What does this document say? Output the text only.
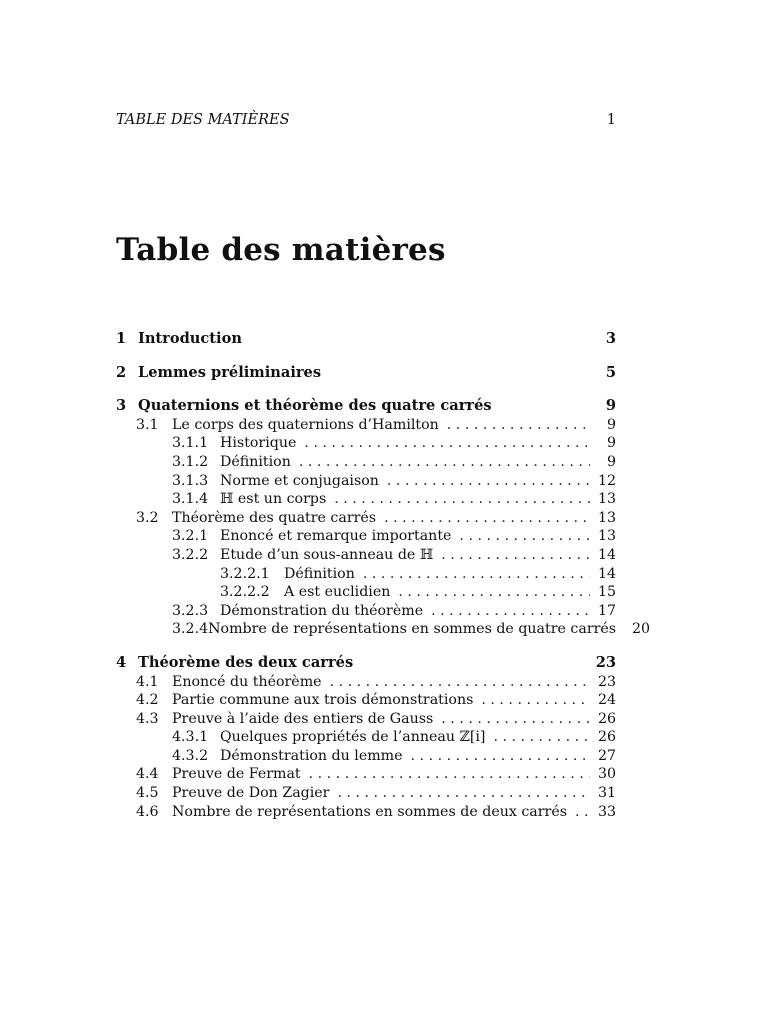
TABLE DES MATIÈRES	1
Table des matières
1 Introduction	3
2 Lemmes préliminaires	5
3 Quaternions et théorème des quatre carrés	9
3.1 Le corps des quaternions d’Hamilton . . .	9
3.1.1 Historique . . .	9
3.1.2 Définition . . .	9
3.1.3 Norme et conjugaison . . .	12
3.1.4 ℍ est un corps . . .	13
3.2 Théorème des quatre carrés . . .	13
3.2.1 Enoncé et remarque importante . . .	13
3.2.2 Etude d’un sous-anneau de ℍ . . .	14
3.2.2.1	Définition . . .	14
3.2.2.2	A est euclidien . . .	15
3.2.3 Démonstration du théorème . . .	17
3.2.4 Nombre de représentations en sommes de quatre carrés 20
4 Théorème des deux carrés	23
4.1 Enoncé du théorème . . .	23
4.2 Partie commune aux trois démonstrations . . .	24
4.3 Preuve à l’aide des entiers de Gauss . . .	26
4.3.1 Quelques propriétés de l’anneau ℤ[i] . . .	26
4.3.2 Démonstration du lemme . . .	27
4.4 Preuve de Fermat . . .	30
4.5 Preuve de Don Zagier . . .	31
4.6 Nombre de représentations en sommes de deux carrés . . . 33
